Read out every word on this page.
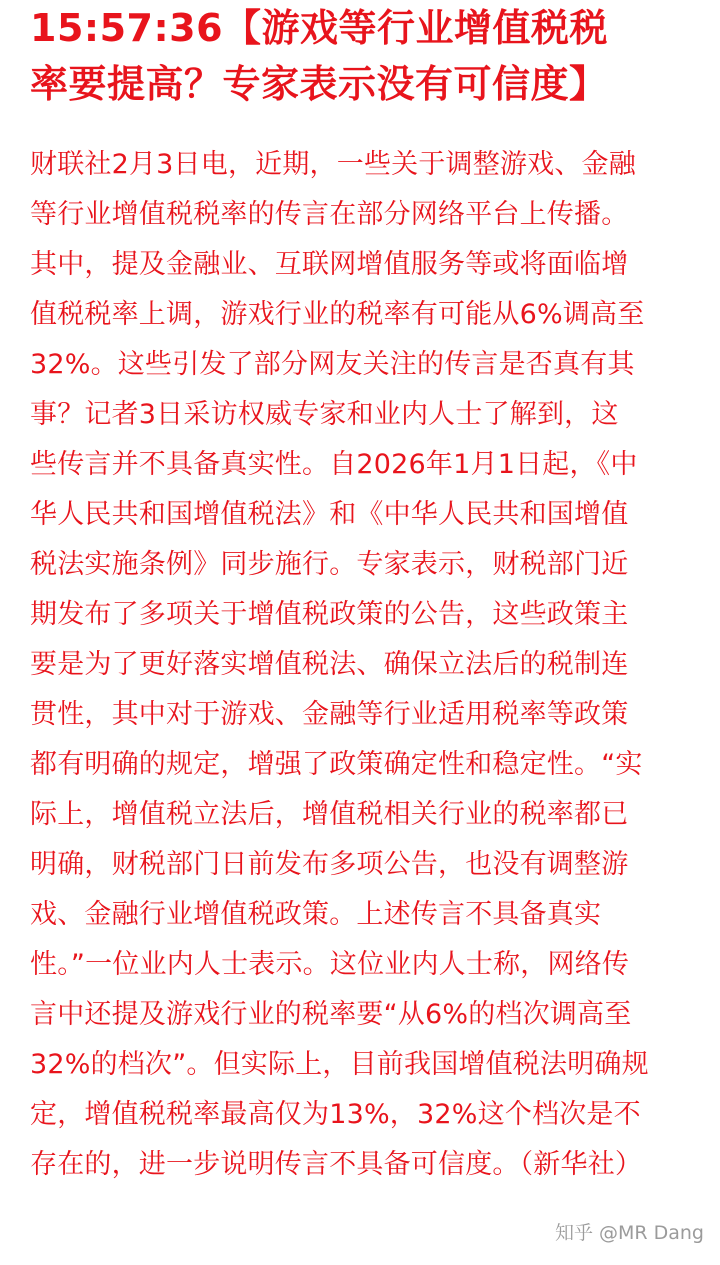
15:57:36【游戏等行业增值税税
率要提高？专家表示没有可信度】
财联社2月3日电，近期，一些关于调整游戏、金融
等行业增值税税率的传言在部分网络平台上传播。
其中，提及金融业、互联网增值服务等或将面临增
值税税率上调，游戏行业的税率有可能从6%调高至
32%。这些引发了部分网友关注的传言是否真有其
事？记者3日采访权威专家和业内人士了解到，这
些传言并不具备真实性。自2026年1月1日起，《中
华人民共和国增值税法》和《中华人民共和国增值
税法实施条例》同步施行。专家表示，财税部门近
期发布了多项关于增值税政策的公告，这些政策主
要是为了更好落实增值税法、确保立法后的税制连
贯性，其中对于游戏、金融等行业适用税率等政策
都有明确的规定，增强了政策确定性和稳定性。“实
际上，增值税立法后，增值税相关行业的税率都已
明确，财税部门日前发布多项公告，也没有调整游
戏、金融行业增值税政策。上述传言不具备真实
性。”一位业内人士表示。这位业内人士称，网络传
言中还提及游戏行业的税率要“从6%的档次调高至
32%的档次”。但实际上，目前我国增值税法明确规
定，增值税税率最高仅为13%，32%这个档次是不
存在的，进一步说明传言不具备可信度。（新华社）
知乎 @MR Dang
